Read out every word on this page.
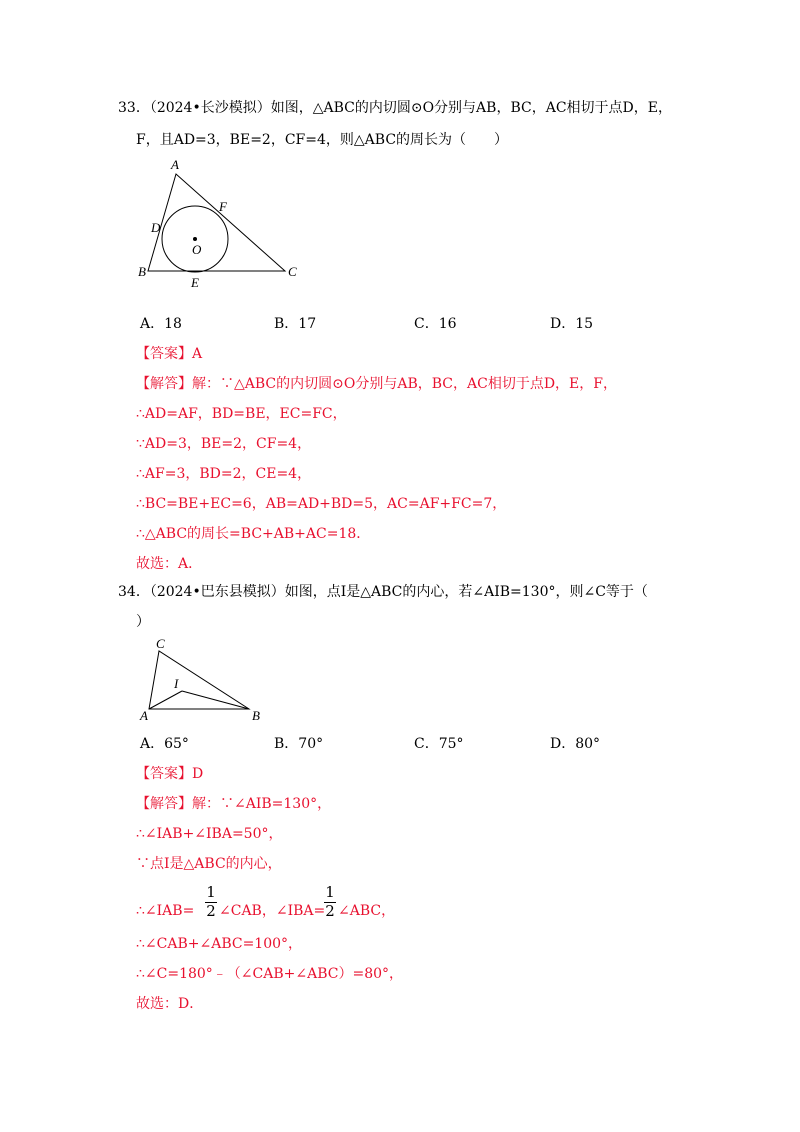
33．（2024•长沙模拟）如图，△ABC的内切圆⊙O分别与AB，BC，AC相切于点D，E，
F，且AD=3，BE=2，CF=4，则△ABC的周长为（　　）
A
F
D
O
B	C
E
A．18	B．17	C．16	D．15
【答案】A
【解答】解：∵△ABC的内切圆⊙O分别与AB，BC，AC相切于点D，E，F，
∴AD=AF，BD=BE，EC=FC，
∵AD=3，BE=2，CF=4，
∴AF=3，BD=2，CE=4，
∴BC=BE+EC=6，AB=AD+BD=5，AC=AF+FC=7，
∴△ABC的周长=BC+AB+AC=18．
故选：A．
34．（2024•巴东县模拟）如图，点I是△ABC的内心，若∠AIB=130°，则∠C等于（
）
C
I
A	B
A．65°	B．70°	C．75°	D．80°
【答案】D
【解答】解：∵∠AIB=130°，
∴∠IAB+∠IBA=50°，
∵点I是△ABC的内心，
∴∠IAB=
1
2 ∠CAB，∠IBA=
1
2 ∠ABC，
∴∠CAB+∠ABC=100°，
∴∠C=180°﹣（∠CAB+∠ABC）=80°，
故选：D．
